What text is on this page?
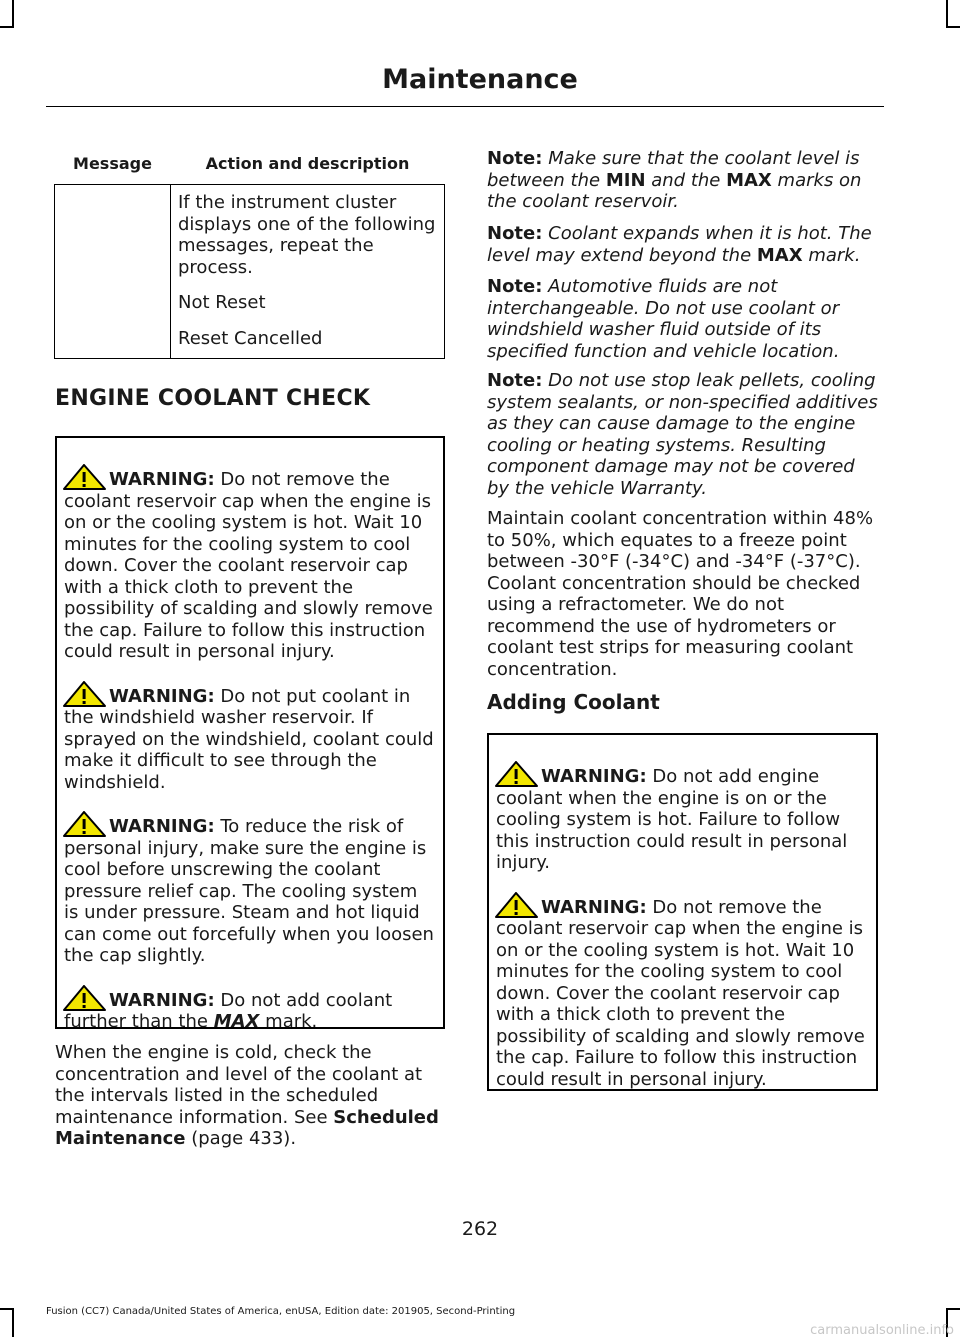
Maintenance
Message	Action and description

	If the instrument cluster displays one of the following messages, repeat the process.

Not Reset

Reset Cancelled

ENGINE COOLANT CHECK

WARNING: Do not remove the coolant reservoir cap when the engine is on or the cooling system is hot. Wait 10 minutes for the cooling system to cool down. Cover the coolant reservoir cap with a thick cloth to prevent the possibility of scalding and slowly remove the cap. Failure to follow this instruction could result in personal injury.

WARNING: Do not put coolant in the windshield washer reservoir. If sprayed on the windshield, coolant could make it difficult to see through the windshield.

WARNING: To reduce the risk of personal injury, make sure the engine is cool before unscrewing the coolant pressure relief cap. The cooling system is under pressure. Steam and hot liquid can come out forcefully when you loosen the cap slightly.

WARNING: Do not add coolant further than the MAX mark.

When the engine is cold, check the concentration and level of the coolant at the intervals listed in the scheduled maintenance information. See Scheduled Maintenance (page 433).

Note: Make sure that the coolant level is between the MIN and the MAX marks on the coolant reservoir.

Note: Coolant expands when it is hot. The level may extend beyond the MAX mark.

Note: Automotive fluids are not interchangeable. Do not use coolant or windshield washer fluid outside of its specified function and vehicle location.

Note: Do not use stop leak pellets, cooling system sealants, or non-specified additives as they can cause damage to the engine cooling or heating systems. Resulting component damage may not be covered by the vehicle Warranty.

Maintain coolant concentration within 48% to 50%, which equates to a freeze point between -30°F (-34°C) and -34°F (-37°C). Coolant concentration should be checked using a refractometer. We do not recommend the use of hydrometers or coolant test strips for measuring coolant concentration.

Adding Coolant

WARNING: Do not add engine coolant when the engine is on or the cooling system is hot. Failure to follow this instruction could result in personal injury.

WARNING: Do not remove the coolant reservoir cap when the engine is on or the cooling system is hot. Wait 10 minutes for the cooling system to cool down. Cover the coolant reservoir cap with a thick cloth to prevent the possibility of scalding and slowly remove the cap. Failure to follow this instruction could result in personal injury.

262
Fusion (CC7) Canada/United States of America, enUSA, Edition date: 201905, Second-Printing
carmanualsonline.info
